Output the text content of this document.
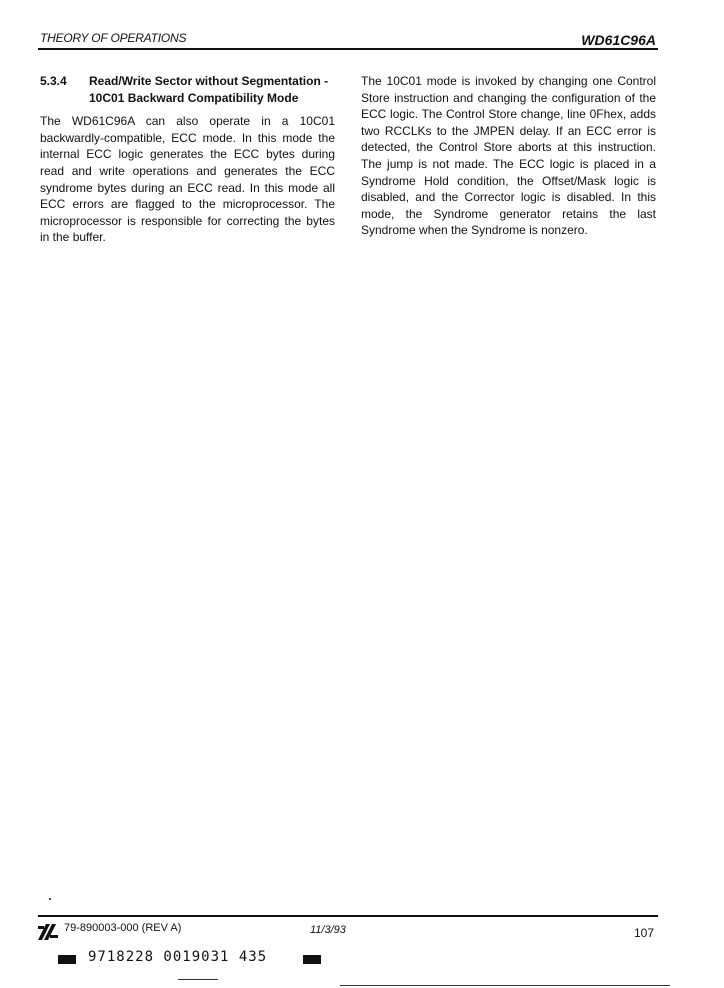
THEORY OF OPERATIONS	WD61C96A
5.3.4	Read/Write Sector without Segmentation - 10C01 Backward Compatibility Mode

The WD61C96A can also operate in a 10C01 backwardly-compatible, ECC mode. In this mode the internal ECC logic generates the ECC bytes during read and write operations and generates the ECC syndrome bytes during an ECC read. In this mode all ECC errors are flagged to the microprocessor. The microprocessor is responsible for correcting the bytes in the buffer.

The 10C01 mode is invoked by changing one Control Store instruction and changing the configuration of the ECC logic. The Control Store change, line 0Fhex, adds two RCCLKs to the JMPEN delay. If an ECC error is detected, the Control Store aborts at this instruction. The jump is not made. The ECC logic is placed in a Syndrome Hold condition, the Offset/Mask logic is disabled, and the Corrector logic is disabled. In this mode, the Syndrome generator retains the last Syndrome when the Syndrome is nonzero.

79-890003-000 (REV A)	11/3/93	107
9718228 0019031 435
